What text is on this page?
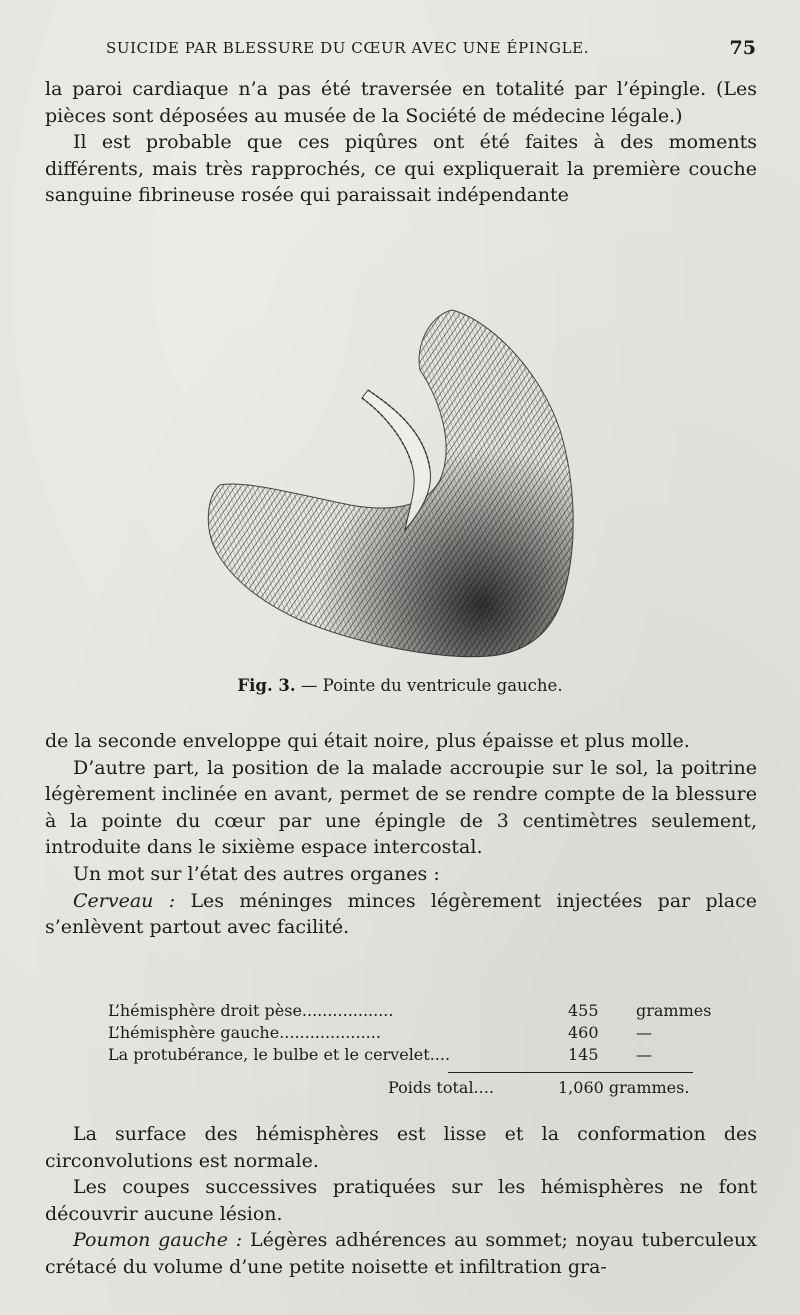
SUICIDE PAR BLESSURE DU CŒUR AVEC UNE ÉPINGLE.	75

la paroi cardiaque n’a pas été traversée en totalité par l’épingle. (Les pièces sont déposées au musée de la Société de médecine légale.)

Il est probable que ces piqûres ont été faites à des moments différents, mais très rapprochés, ce qui expliquerait la première couche sanguine fibrineuse rosée qui paraissait indépendante

Fig. 3. — Pointe du ventricule gauche.

de la seconde enveloppe qui était noire, plus épaisse et plus molle.

D’autre part, la position de la malade accroupie sur le sol, la poitrine légèrement inclinée en avant, permet de se rendre compte de la blessure à la pointe du cœur par une épingle de 3 centimètres seulement, introduite dans le sixième espace intercostal.

Un mot sur l’état des autres organes :

Cerveau : Les méninges minces légèrement injectées par place s’enlèvent partout avec facilité.

L’hémisphère droit pèse..................	455 grammes
L’hémisphère gauche....................	460 —
La protubérance, le bulbe et le cervelet....	145 —
Poids total....	1,060 grammes.

La surface des hémisphères est lisse et la conformation des circonvolutions est normale.

Les coupes successives pratiquées sur les hémisphères ne font découvrir aucune lésion.

Poumon gauche : Légères adhérences au sommet; noyau tuberculeux crétacé du volume d’une petite noisette et infiltration gra-
